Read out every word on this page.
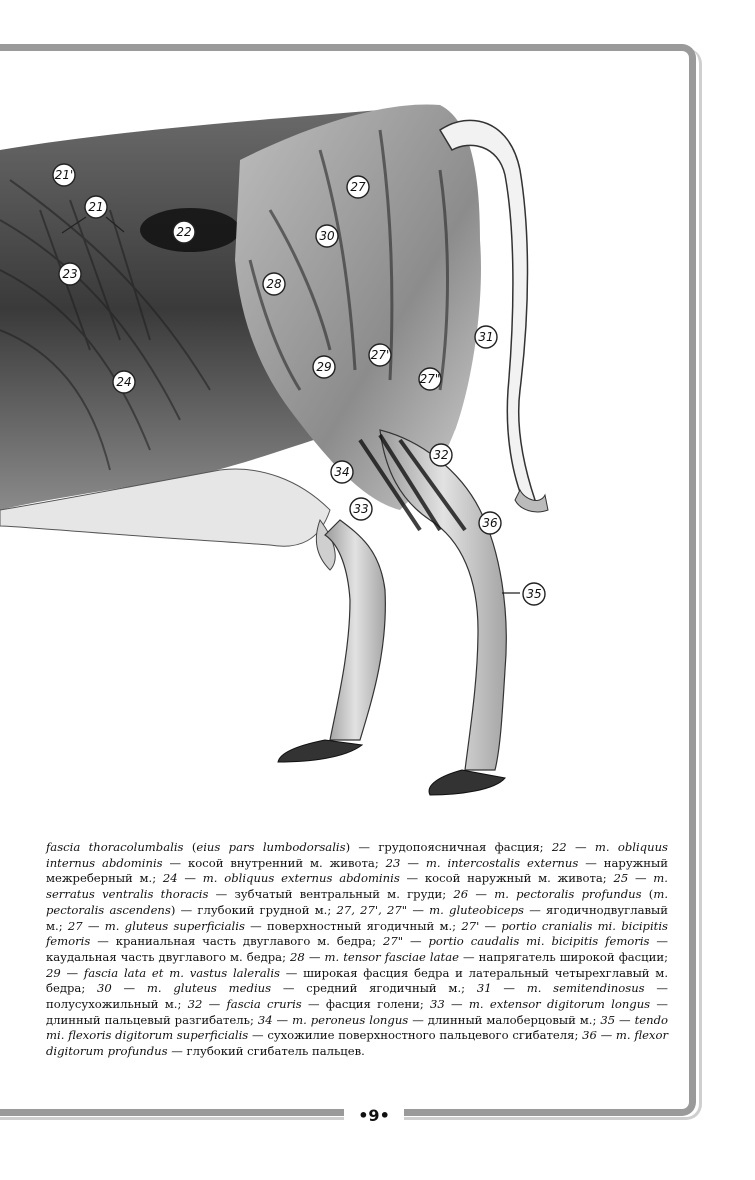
21'
21
22
23
24
27
30
28
29
27'
27"
31
32
34
33
36
35
fascia thoracolumbalis (eius pars lumbodorsalis) — грудопоясничная фасция; 22 — m. obliquus internus abdominis — косой внутренний м. живота; 23 — m. intercostalis externus — наружный межреберный м.; 24 — m. obliquus externus abdominis — косой наружный м. живота; 25 — m. serratus ventralis thoracis — зубчатый вентральный м. груди; 26 — m. pectoralis profundus (m. pectoralis ascendens) — глубокий грудной м.; 27, 27', 27" — m. gluteobiceps — ягодичнодвуглавый м.; 27 — m. gluteus superficialis — поверхностный ягодичный м.; 27' — portio cranialis mi. bicipitis femoris — краниальная часть двуглавого м. бедра; 27" — portio caudalis mi. bicipitis femoris — каудальная часть двуглавого м. бедра; 28 — m. tensor fasciae latae — напрягатель широкой фасции; 29 — fascia lata et m. vastus laleralis — широкая фасция бедра и латеральный четырехглавый м. бедра; 30 — m. gluteus medius — средний ягодичный м.; 31 — m. semitendinosus — полусухожильный м.; 32 — fascia cruris — фасция голени; 33 — m. extensor digitorum longus — длинный пальцевый разгибатель; 34 — m. peroneus longus — длинный малоберцовый м.; 35 — tendo mi. flexoris digitorum superficialis — сухожилие поверхностного пальцевого сгибателя; 36 — m. flexor digitorum profundus — глубокий сгибатель пальцев.
•9•
